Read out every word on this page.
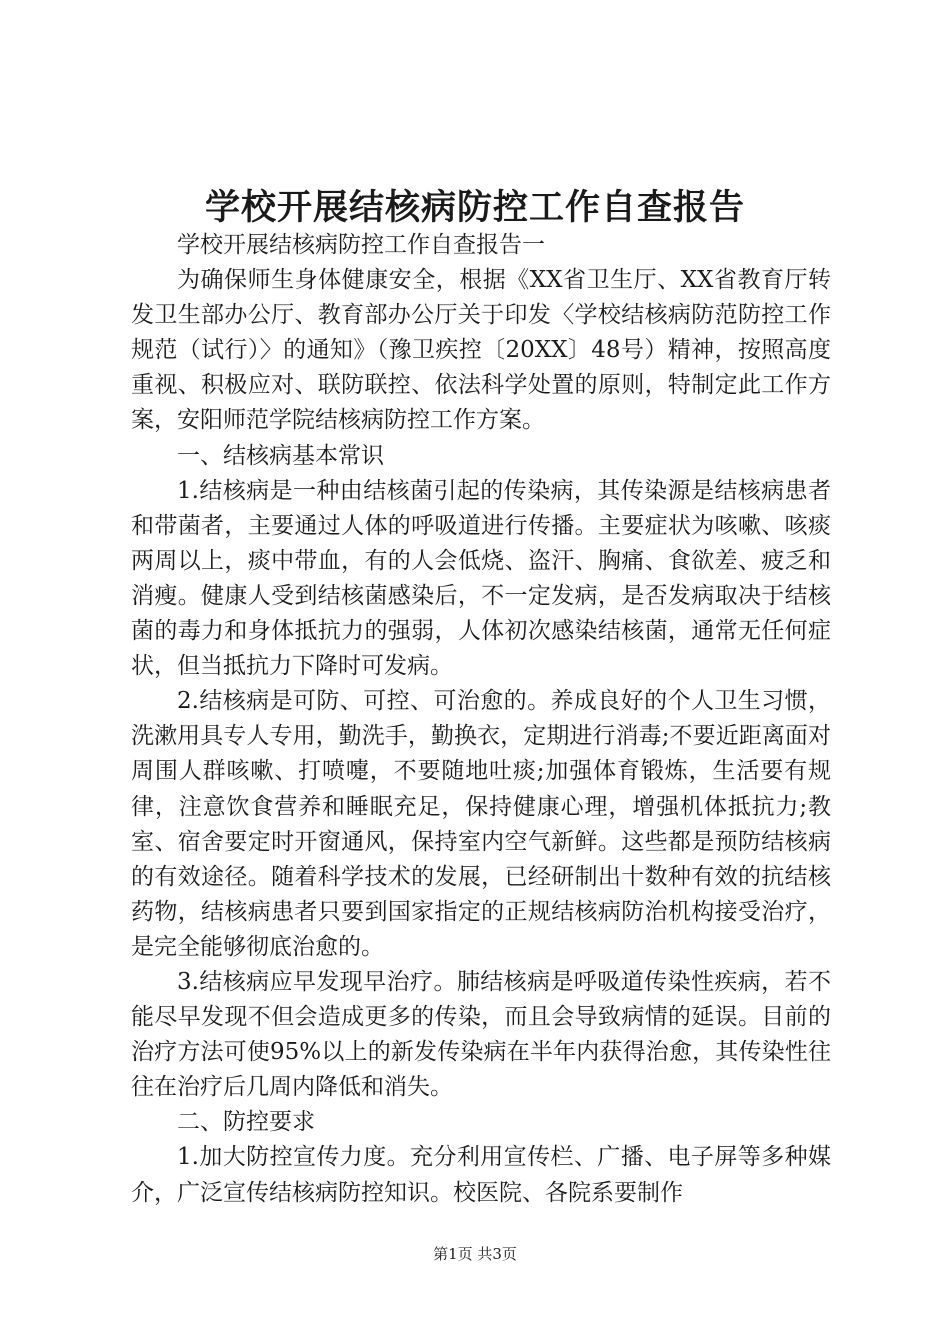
学校开展结核病防控工作自查报告

学校开展结核病防控工作自查报告一

为确保师生身体健康安全，根据《XX省卫生厅、XX省教育厅转发卫生部办公厅、教育部办公厅关于印发〈学校结核病防范防控工作规范（试行）〉的通知》（豫卫疾控〔20XX〕48号）精神，按照高度重视、积极应对、联防联控、依法科学处置的原则，特制定此工作方案，安阳师范学院结核病防控工作方案。

一、结核病基本常识

1.结核病是一种由结核菌引起的传染病，其传染源是结核病患者和带菌者，主要通过人体的呼吸道进行传播。主要症状为咳嗽、咳痰两周以上，痰中带血，有的人会低烧、盗汗、胸痛、食欲差、疲乏和消瘦。健康人受到结核菌感染后，不一定发病，是否发病取决于结核菌的毒力和身体抵抗力的强弱，人体初次感染结核菌，通常无任何症状，但当抵抗力下降时可发病。

2.结核病是可防、可控、可治愈的。养成良好的个人卫生习惯，洗漱用具专人专用，勤洗手，勤换衣，定期进行消毒;不要近距离面对周围人群咳嗽、打喷嚏，不要随地吐痰;加强体育锻炼，生活要有规律，注意饮食营养和睡眠充足，保持健康心理，增强机体抵抗力;教室、宿舍要定时开窗通风，保持室内空气新鲜。这些都是预防结核病的有效途径。随着科学技术的发展，已经研制出十数种有效的抗结核药物，结核病患者只要到国家指定的正规结核病防治机构接受治疗，是完全能够彻底治愈的。

3.结核病应早发现早治疗。肺结核病是呼吸道传染性疾病，若不能尽早发现不但会造成更多的传染，而且会导致病情的延误。目前的治疗方法可使95%以上的新发传染病在半年内获得治愈，其传染性往往在治疗后几周内降低和消失。

二、防控要求

1.加大防控宣传力度。充分利用宣传栏、广播、电子屏等多种媒介，广泛宣传结核病防控知识。校医院、各院系要制作

第1页 共3页
